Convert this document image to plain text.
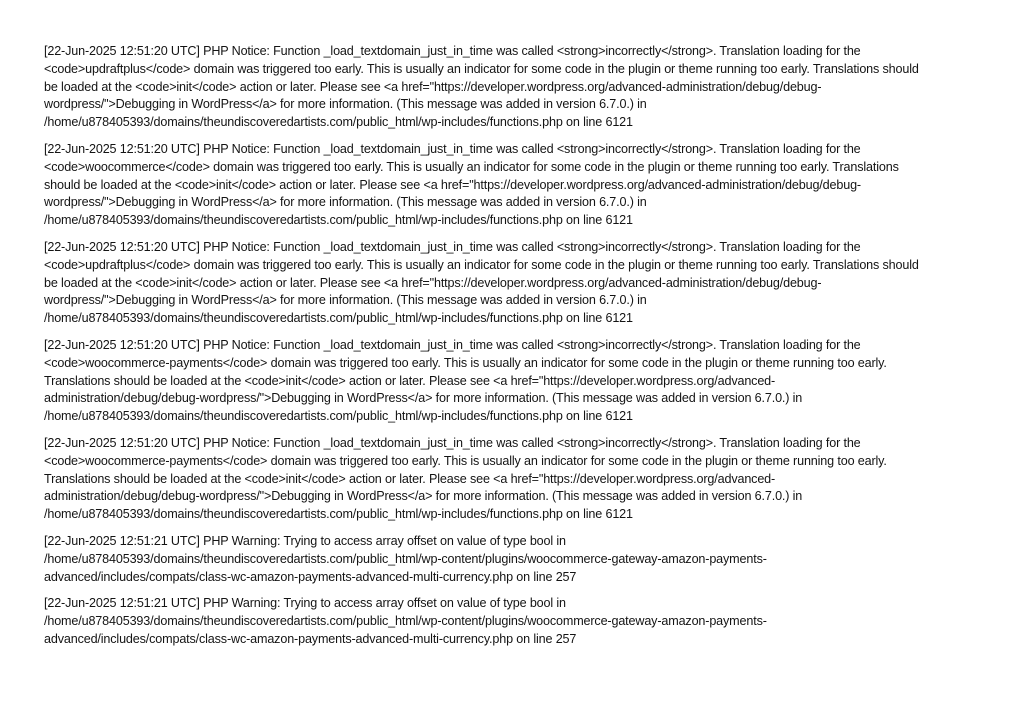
[22-Jun-2025 12:51:20 UTC] PHP Notice: Function _load_textdomain_just_in_time was called <strong>incorrectly</strong>. Translation loading for the
<code>updraftplus</code> domain was triggered too early. This is usually an indicator for some code in the plugin or theme running too early. Translations should
be loaded at the <code>init</code> action or later. Please see <a href="https://developer.wordpress.org/advanced-administration/debug/debug-
wordpress/">Debugging in WordPress</a> for more information. (This message was added in version 6.7.0.) in
/home/u878405393/domains/theundiscoveredartists.com/public_html/wp-includes/functions.php on line 6121
[22-Jun-2025 12:51:20 UTC] PHP Notice: Function _load_textdomain_just_in_time was called <strong>incorrectly</strong>. Translation loading for the
<code>woocommerce</code> domain was triggered too early. This is usually an indicator for some code in the plugin or theme running too early. Translations
should be loaded at the <code>init</code> action or later. Please see <a href="https://developer.wordpress.org/advanced-administration/debug/debug-
wordpress/">Debugging in WordPress</a> for more information. (This message was added in version 6.7.0.) in
/home/u878405393/domains/theundiscoveredartists.com/public_html/wp-includes/functions.php on line 6121
[22-Jun-2025 12:51:20 UTC] PHP Notice: Function _load_textdomain_just_in_time was called <strong>incorrectly</strong>. Translation loading for the
<code>updraftplus</code> domain was triggered too early. This is usually an indicator for some code in the plugin or theme running too early. Translations should
be loaded at the <code>init</code> action or later. Please see <a href="https://developer.wordpress.org/advanced-administration/debug/debug-
wordpress/">Debugging in WordPress</a> for more information. (This message was added in version 6.7.0.) in
/home/u878405393/domains/theundiscoveredartists.com/public_html/wp-includes/functions.php on line 6121
[22-Jun-2025 12:51:20 UTC] PHP Notice: Function _load_textdomain_just_in_time was called <strong>incorrectly</strong>. Translation loading for the
<code>woocommerce-payments</code> domain was triggered too early. This is usually an indicator for some code in the plugin or theme running too early.
Translations should be loaded at the <code>init</code> action or later. Please see <a href="https://developer.wordpress.org/advanced-
administration/debug/debug-wordpress/">Debugging in WordPress</a> for more information. (This message was added in version 6.7.0.) in
/home/u878405393/domains/theundiscoveredartists.com/public_html/wp-includes/functions.php on line 6121
[22-Jun-2025 12:51:20 UTC] PHP Notice: Function _load_textdomain_just_in_time was called <strong>incorrectly</strong>. Translation loading for the
<code>woocommerce-payments</code> domain was triggered too early. This is usually an indicator for some code in the plugin or theme running too early.
Translations should be loaded at the <code>init</code> action or later. Please see <a href="https://developer.wordpress.org/advanced-
administration/debug/debug-wordpress/">Debugging in WordPress</a> for more information. (This message was added in version 6.7.0.) in
/home/u878405393/domains/theundiscoveredartists.com/public_html/wp-includes/functions.php on line 6121
[22-Jun-2025 12:51:21 UTC] PHP Warning: Trying to access array offset on value of type bool in
/home/u878405393/domains/theundiscoveredartists.com/public_html/wp-content/plugins/woocommerce-gateway-amazon-payments-
advanced/includes/compats/class-wc-amazon-payments-advanced-multi-currency.php on line 257
[22-Jun-2025 12:51:21 UTC] PHP Warning: Trying to access array offset on value of type bool in
/home/u878405393/domains/theundiscoveredartists.com/public_html/wp-content/plugins/woocommerce-gateway-amazon-payments-
advanced/includes/compats/class-wc-amazon-payments-advanced-multi-currency.php on line 257
